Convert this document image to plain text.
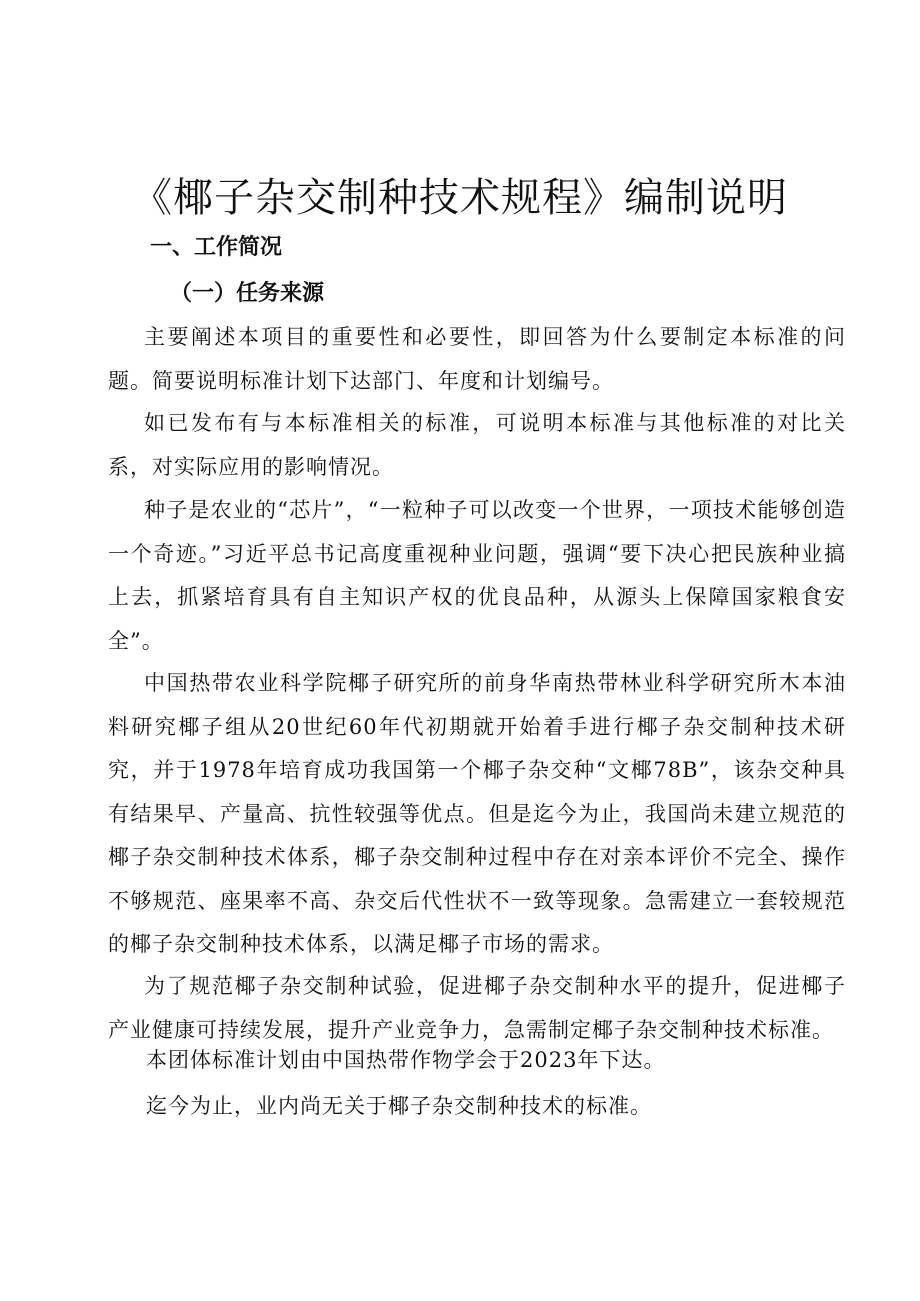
《椰子杂交制种技术规程》编制说明
一、工作简况
（一）任务来源

主要阐述本项目的重要性和必要性，即回答为什么要制定本标准的问题。简要说明标准计划下达部门、年度和计划编号。

如已发布有与本标准相关的标准，可说明本标准与其他标准的对比关系，对实际应用的影响情况。

种子是农业的“芯片”，“一粒种子可以改变一个世界，一项技术能够创造一个奇迹。”习近平总书记高度重视种业问题，强调“要下决心把民族种业搞上去，抓紧培育具有自主知识产权的优良品种，从源头上保障国家粮食安全”。

中国热带农业科学院椰子研究所的前身华南热带林业科学研究所木本油料研究椰子组从20世纪60年代初期就开始着手进行椰子杂交制种技术研究，并于1978年培育成功我国第一个椰子杂交种“文椰78B”，该杂交种具有结果早、产量高、抗性较强等优点。但是迄今为止，我国尚未建立规范的椰子杂交制种技术体系，椰子杂交制种过程中存在对亲本评价不完全、操作不够规范、座果率不高、杂交后代性状不一致等现象。急需建立一套较规范的椰子杂交制种技术体系，以满足椰子市场的需求。

为了规范椰子杂交制种试验，促进椰子杂交制种水平的提升，促进椰子产业健康可持续发展，提升产业竞争力，急需制定椰子杂交制种技术标准。

本团体标准计划由中国热带作物学会于2023年下达。

迄今为止，业内尚无关于椰子杂交制种技术的标准。
